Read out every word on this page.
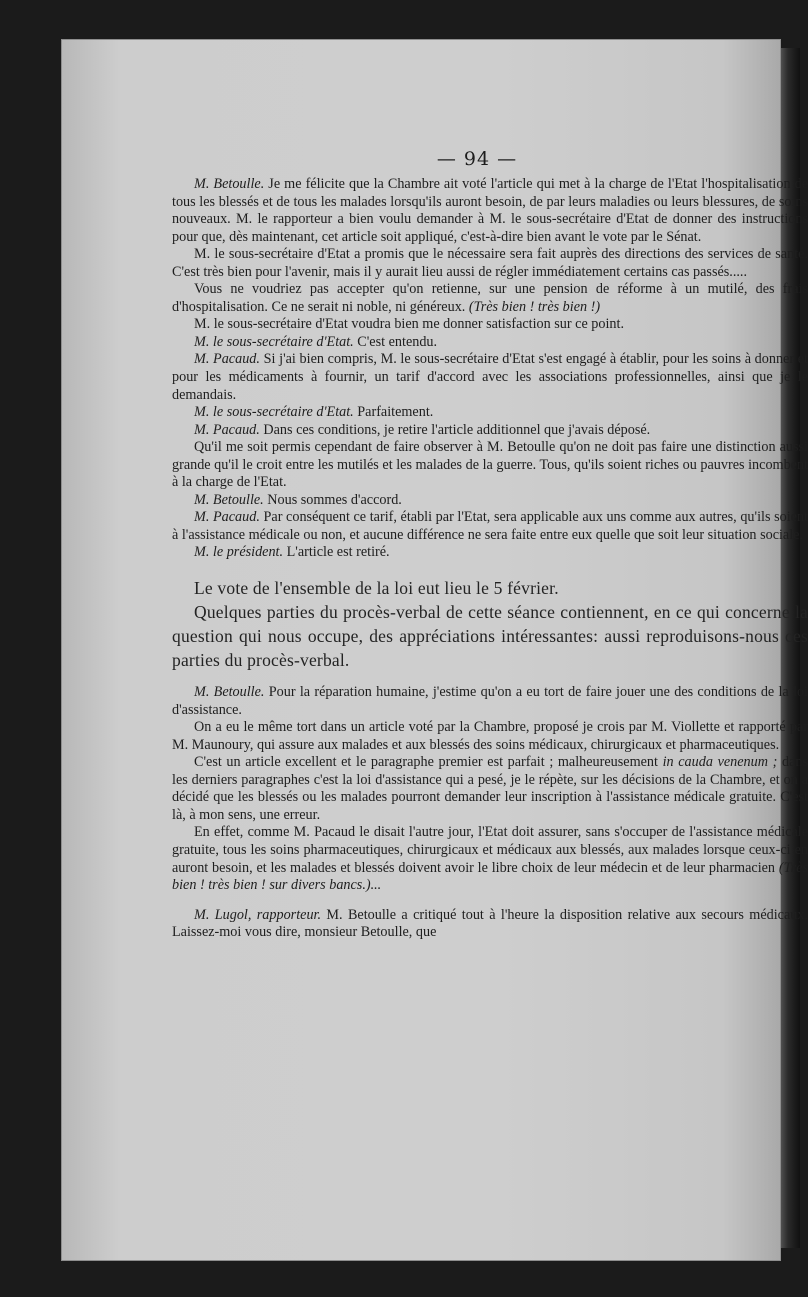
— 94 —

M. Betoulle. Je me félicite que la Chambre ait voté l'article qui met à la charge de l'Etat l'hospitalisation de tous les blessés et de tous les malades lorsqu'ils auront besoin, de par leurs maladies ou leurs blessures, de soins nouveaux. M. le rapporteur a bien voulu demander à M. le sous-secrétaire d'Etat de donner des instructions pour que, dès maintenant, cet article soit appliqué, c'est-à-dire bien avant le vote par le Sénat.

M. le sous-secrétaire d'Etat a promis que le nécessaire sera fait auprès des directions des services de santé. C'est très bien pour l'avenir, mais il y aurait lieu aussi de régler immédiatement certains cas passés.....

Vous ne voudriez pas accepter qu'on retienne, sur une pension de réforme à un mutilé, des frais d'hospitalisation. Ce ne serait ni noble, ni généreux. (Très bien ! très bien !)

M. le sous-secrétaire d'Etat voudra bien me donner satisfaction sur ce point.

M. le sous-secrétaire d'Etat. C'est entendu.

M. Pacaud. Si j'ai bien compris, M. le sous-secrétaire d'Etat s'est engagé à établir, pour les soins à donner et pour les médicaments à fournir, un tarif d'accord avec les associations professionnelles, ainsi que je le demandais.

M. le sous-secrétaire d'Etat. Parfaitement.

M. Pacaud. Dans ces conditions, je retire l'article additionnel que j'avais déposé.

Qu'il me soit permis cependant de faire observer à M. Betoulle qu'on ne doit pas faire une distinction aussi grande qu'il le croit entre les mutilés et les malades de la guerre. Tous, qu'ils soient riches ou pauvres incombent à la charge de l'Etat.

M. Betoulle. Nous sommes d'accord.

M. Pacaud. Par conséquent ce tarif, établi par l'Etat, sera applicable aux uns comme aux autres, qu'ils soient à l'assistance médicale ou non, et aucune différence ne sera faite entre eux quelle que soit leur situation sociale.

M. le président. L'article est retiré.

Le vote de l'ensemble de la loi eut lieu le 5 février.

Quelques parties du procès-verbal de cette séance contiennent, en ce qui concerne la question qui nous occupe, des appréciations intéressantes: aussi reproduisons-nous ces parties du procès-verbal.

M. Betoulle. Pour la réparation humaine, j'estime qu'on a eu tort de faire jouer une des conditions de la loi d'assistance.

On a eu le même tort dans un article voté par la Chambre, proposé je crois par M. Viollette et rapporté par M. Maunoury, qui assure aux malades et aux blessés des soins médicaux, chirurgicaux et pharmaceutiques.

C'est un article excellent et le paragraphe premier est parfait ; malheureusement in cauda venenum ; dans les derniers paragraphes c'est la loi d'assistance qui a pesé, je le répète, sur les décisions de la Chambre, et on a décidé que les blessés ou les malades pourront demander leur inscription à l'assistance médicale gratuite. C'est là, à mon sens, une erreur.

En effet, comme M. Pacaud le disait l'autre jour, l'Etat doit assurer, sans s'occuper de l'assistance médicale gratuite, tous les soins pharmaceutiques, chirurgicaux et médicaux aux blessés, aux malades lorsque ceux-ci en auront besoin, et les malades et blessés doivent avoir le libre choix de leur médecin et de leur pharmacien (Très bien ! très bien ! sur divers bancs.)...

M. Lugol, rapporteur. M. Betoulle a critiqué tout à l'heure la disposition relative aux secours médicaux. Laissez-moi vous dire, monsieur Betoulle, que
